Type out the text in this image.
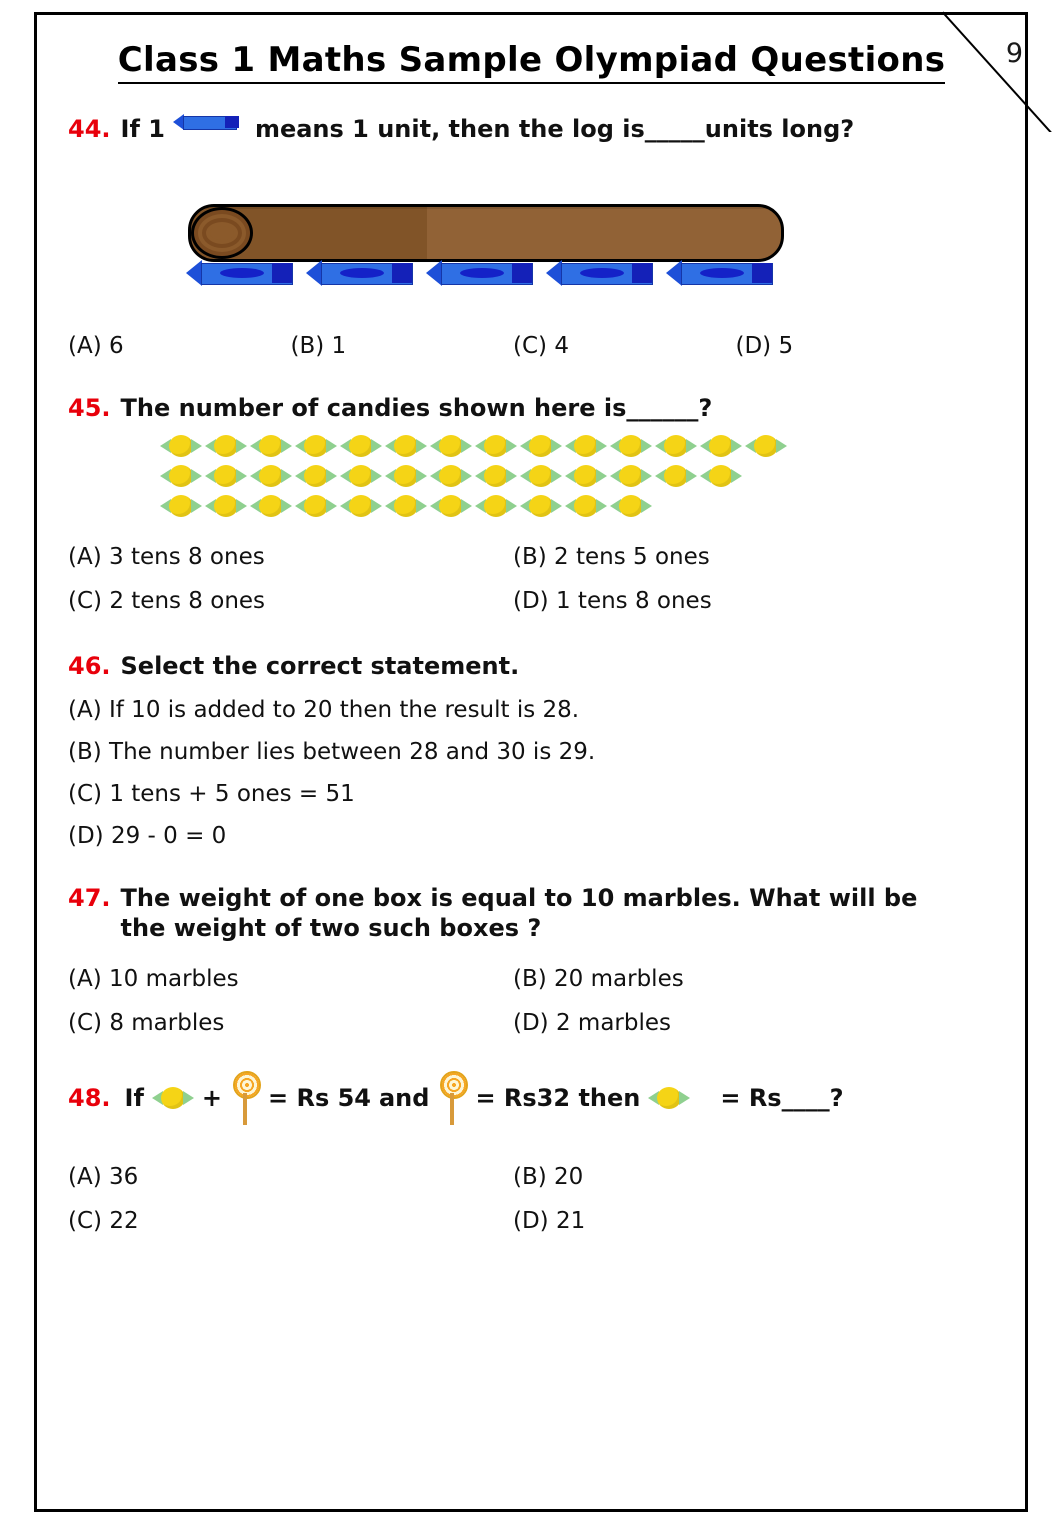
9
Class 1 Maths Sample Olympiad Questions
44. If 1	means 1 unit, then the log is_____units long?
(A) 6	(B) 1	(C) 4	(D) 5
45. The number of candies shown here is______?
(A) 3 tens 8 ones	(B) 2 tens 5 ones
(C) 2 tens 8 ones	(D) 1 tens 8 ones
46. Select the correct statement.
(A) If 10 is added to 20 then the result is 28.
(B) The number lies between 28 and 30 is 29.
(C) 1 tens + 5 ones = 51
(D) 29 - 0 = 0
47. The weight of one box is equal to 10 marbles. What will be the weight of two such boxes ?
(A) 10 marbles	(B) 20 marbles
(C) 8 marbles	(D) 2 marbles
48. If + = Rs 54 and = Rs32 then	= Rs____?
(A) 36	(B) 20
(C) 22	(D) 21
